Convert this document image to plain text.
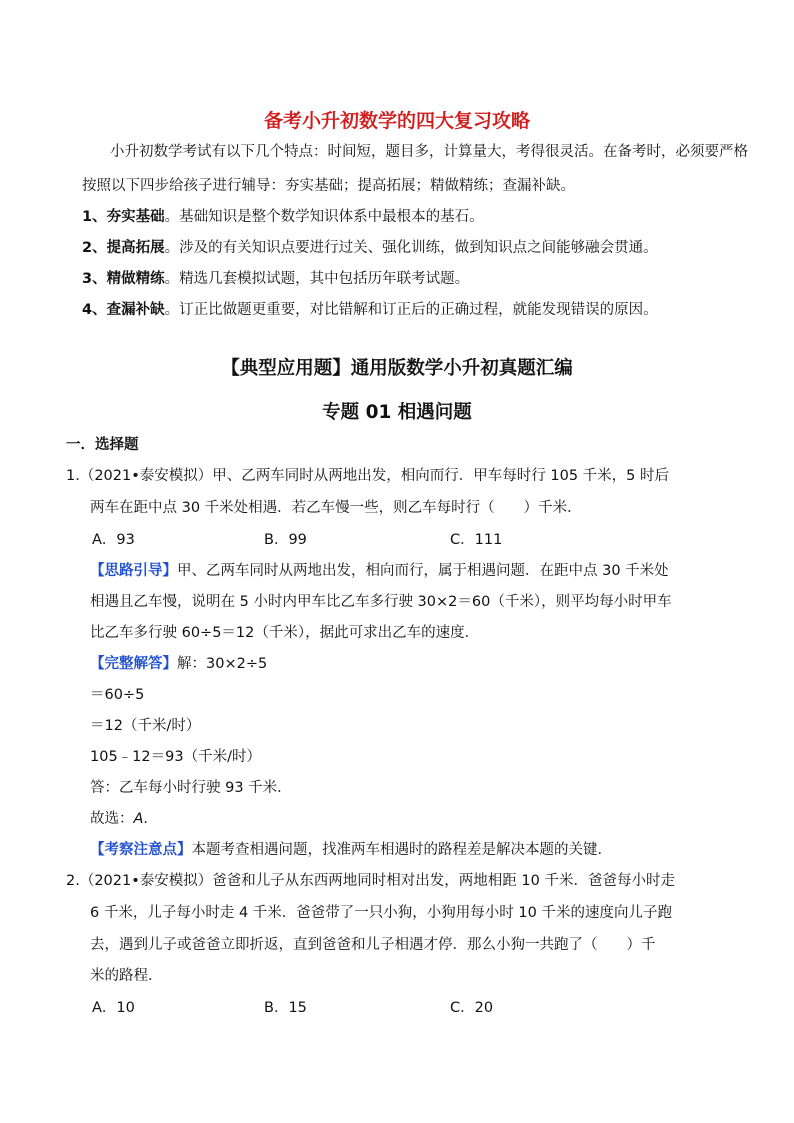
备考小升初数学的四大复习攻略
小升初数学考试有以下几个特点：时间短，题目多，计算量大，考得很灵活。在备考时，必须要严格
按照以下四步给孩子进行辅导：夯实基础；提高拓展；精做精练；查漏补缺。
1、夯实基础。基础知识是整个数学知识体系中最根本的基石。
2、提高拓展。涉及的有关知识点要进行过关、强化训练，做到知识点之间能够融会贯通。
3、精做精练。精选几套模拟试题，其中包括历年联考试题。
4、查漏补缺。订正比做题更重要，对比错解和订正后的正确过程，就能发现错误的原因。
【典型应用题】通用版数学小升初真题汇编
专题 01 相遇问题
一．选择题
1.（2021•泰安模拟）甲、乙两车同时从两地出发，相向而行．甲车每时行 105 千米，5 时后
两车在距中点 30 千米处相遇．若乙车慢一些，则乙车每时行（　　）千米．
A．93	B．99	C．111
【思路引导】甲、乙两车同时从两地出发，相向而行，属于相遇问题．在距中点 30 千米处
相遇且乙车慢，说明在 5 小时内甲车比乙车多行驶 30×2＝60（千米），则平均每小时甲车
比乙车多行驶 60÷5＝12（千米），据此可求出乙车的速度．
【完整解答】解：30×2÷5
＝60÷5
＝12（千米/时）
105﹣12＝93（千米/时）
答：乙车每小时行驶 93 千米．
故选：A．
【考察注意点】本题考查相遇问题，找准两车相遇时的路程差是解决本题的关键．
2.（2021•泰安模拟）爸爸和儿子从东西两地同时相对出发，两地相距 10 千米．爸爸每小时走
6 千米，儿子每小时走 4 千米．爸爸带了一只小狗，小狗用每小时 10 千米的速度向儿子跑
去，遇到儿子或爸爸立即折返，直到爸爸和儿子相遇才停．那么小狗一共跑了（　　）千
米的路程．
A．10	B．15	C．20
